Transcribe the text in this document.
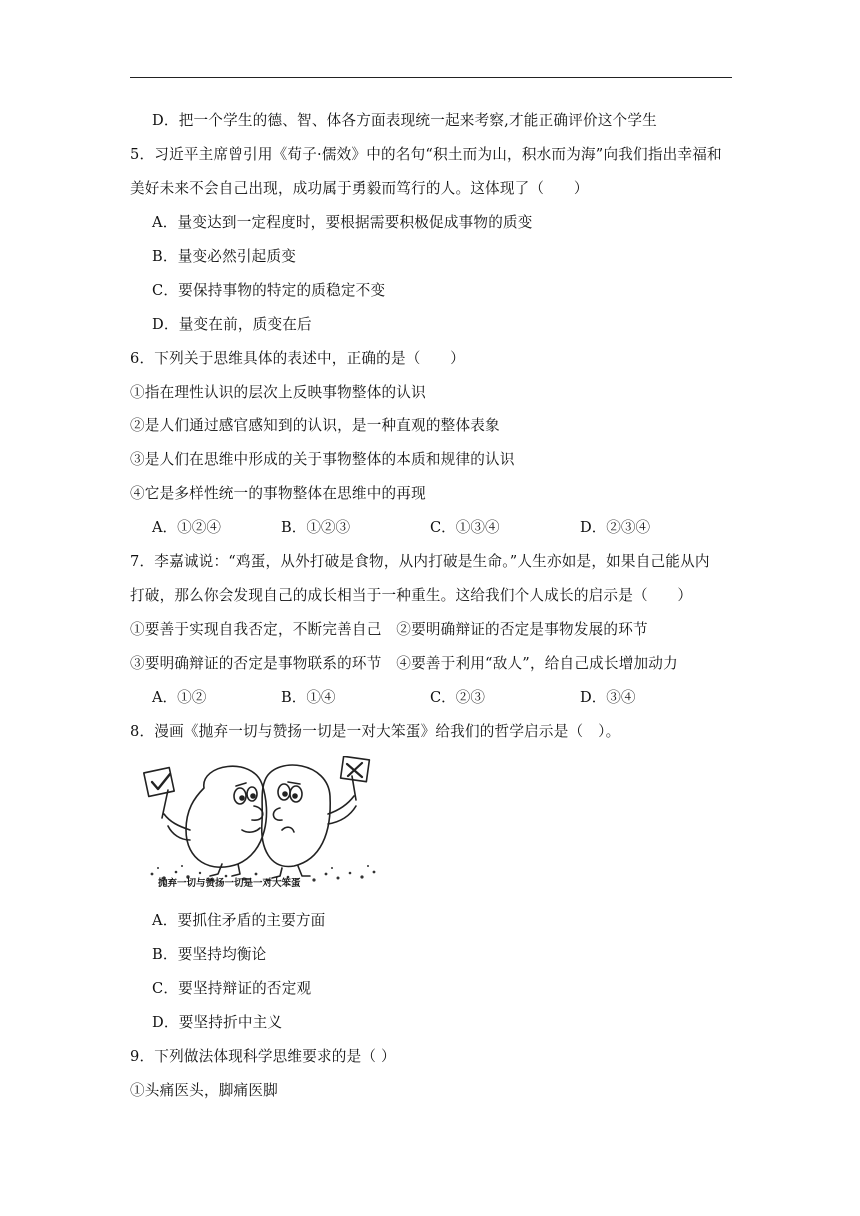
D．把一个学生的德、智、体各方面表现统一起来考察,才能正确评价这个学生
5．习近平主席曾引用《荀子·儒效》中的名句“积土而为山，积水而为海”向我们指出幸福和
美好未来不会自己出现，成功属于勇毅而笃行的人。这体现了（　　）
A．量变达到一定程度时，要根据需要积极促成事物的质变
B．量变必然引起质变
C．要保持事物的特定的质稳定不变
D．量变在前，质变在后
6．下列关于思维具体的表述中，正确的是（　　）
①指在理性认识的层次上反映事物整体的认识
②是人们通过感官感知到的认识，是一种直观的整体表象
③是人们在思维中形成的关于事物整体的本质和规律的认识
④它是多样性统一的事物整体在思维中的再现
A．①②④	B．①②③	C．①③④	D．②③④
7．李嘉诚说：“鸡蛋，从外打破是食物，从内打破是生命。”人生亦如是，如果自己能从内
打破，那么你会发现自己的成长相当于一种重生。这给我们个人成长的启示是（　　）
①要善于实现自我否定，不断完善自己　②要明确辩证的否定是事物发展的环节
③要明确辩证的否定是事物联系的环节　④要善于利用“敌人”，给自己成长增加动力
A．①②	B．①④	C．②③	D．③④
8．漫画《抛弃一切与赞扬一切是一对大笨蛋》给我们的哲学启示是（　）。
抛弃一切与赞扬一切是一对大笨蛋
A．要抓住矛盾的主要方面
B．要坚持均衡论
C．要坚持辩证的否定观
D．要坚持折中主义
9．下列做法体现科学思维要求的是（ ）
①头痛医头，脚痛医脚
